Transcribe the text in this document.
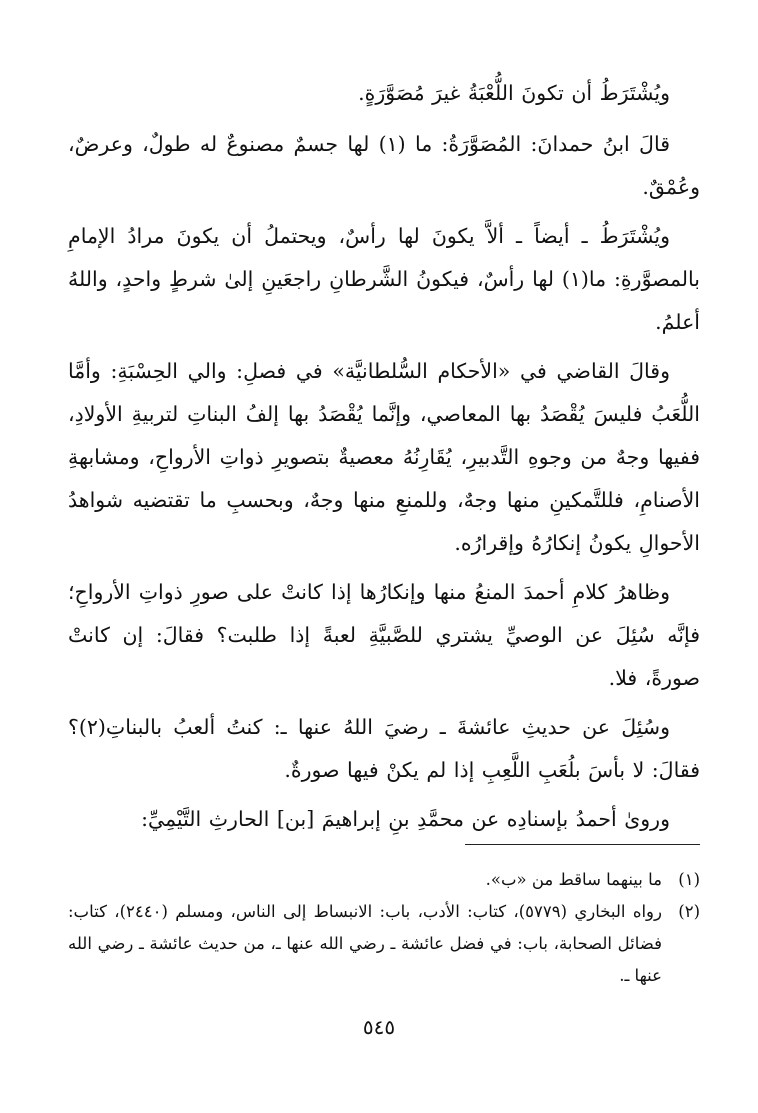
ويُشْتَرَطُ أن تكونَ اللُّعْبَةُ غيرَ مُصَوَّرَةٍ.

قالَ ابنُ حمدانَ: المُصَوَّرَةُ: ما (١) لها جسمٌ مصنوعٌ له طولٌ، وعرضٌ، وعُمْقٌ.

ويُشْتَرَطُ ـ أيضاً ـ ألاَّ يكونَ لها رأسٌ، ويحتملُ أن يكونَ مرادُ الإمامِ بالمصوَّرةِ: ما(١) لها رأسٌ، فيكونُ الشَّرطانِ راجعَينِ إلىٰ شرطٍ واحدٍ، واللهُ أعلمُ.

وقالَ القاضي في «الأحكام السُّلطانيَّة» في فصلِ: والي الحِسْبَةِ: وأمَّا اللُّعَبُ فليسَ يُقْصَدُ بها المعاصي، وإنَّما يُقْصَدُ بها إلفُ البناتِ لتربيةِ الأولادِ، ففيها وجهٌ من وجوهِ التَّدبيرِ، يُقَارِنُهُ معصيةٌ بتصويرِ ذواتِ الأرواحِ، ومشابهةِ الأصنامِ، فللتَّمكينِ منها وجهٌ، وللمنعِ منها وجهٌ، وبحسبِ ما تقتضيه شواهدُ الأحوالِ يكونُ إنكارُهُ وإقرارُه.

وظاهرُ كلامِ أحمدَ المنعُ منها وإنكارُها إذا كانتْ على صورِ ذواتِ الأرواحِ؛ فإنَّه سُئِلَ عن الوصيِّ يشتري للصَّبيَّةِ لعبةً إذا طلبت؟ فقالَ: إن كانتْ صورةً، فلا.

وسُئِلَ عن حديثِ عائشةَ ـ رضيَ اللهُ عنها ـ: كنتُ ألعبُ بالبناتِ(٢)؟ فقالَ: لا بأسَ بلُعَبِ اللَّعِبِ إذا لم يكنْ فيها صورةٌ.

وروىٰ أحمدُ بإسنادِه عن محمَّدِ بنِ إبراهيمَ [بن] الحارثِ التَّيْمِيِّ:

(١)
ما بينهما ساقط من «ب».
(٢)
رواه البخاري (٥٧٧٩)، كتاب: الأدب، باب: الانبساط إلى الناس، ومسلم (٢٤٤٠)، كتاب: فضائل الصحابة، باب: في فضل عائشة ـ رضي الله عنها ـ، من حديث عائشة ـ رضي الله عنها ـ.
٥٤٥
